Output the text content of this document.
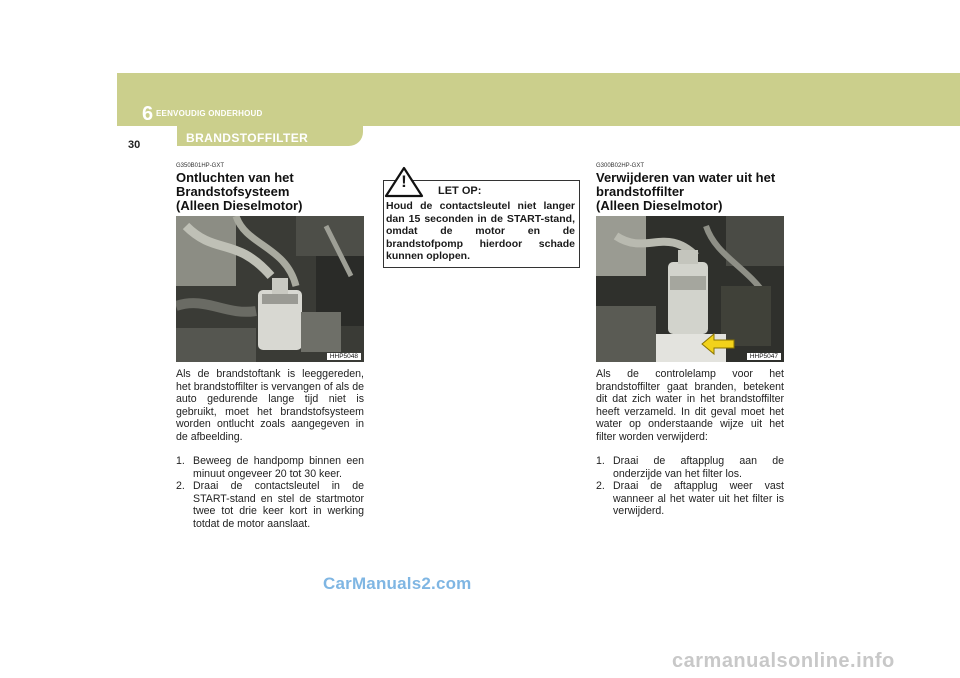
6 EENVOUDIG ONDERHOUD
30	BRANDSTOFFILTER
G350B01HP-GXT
Ontluchten van het
Brandstofsysteem
(Alleen Dieselmotor)
HHP5048
Als de brandstoftank is leeggereden, het brandstoffilter is vervangen of als de auto gedurende lange tijd niet is gebruikt, moet het brandstofsysteem worden ontlucht zoals aangegeven in de afbeelding.
1. Beweeg de handpomp binnen een minuut ongeveer 20 tot 30 keer.
2. Draai de contactsleutel in de START-stand en stel de startmotor twee tot drie keer kort in werking totdat de motor aanslaat.
!	LET OP:
Houd de contactsleutel niet langer dan 15 seconden in de START-stand, omdat de motor en de brandstofpomp hierdoor schade kunnen oplopen.
G300B02HP-GXT
Verwijderen van water uit het
brandstoffilter
(Alleen Dieselmotor)
HHP5047
Als de controlelamp voor het brandstoffilter gaat branden, betekent dit dat zich water in het brandstoffilter heeft verzameld. In dit geval moet het water op onderstaande wijze uit het filter worden verwijderd:
1. Draai de aftapplug aan de onderzijde van het filter los.
2. Draai de aftapplug weer vast wanneer al het water uit het filter is verwijderd.
CarManuals2.com
carmanualsonline.info
